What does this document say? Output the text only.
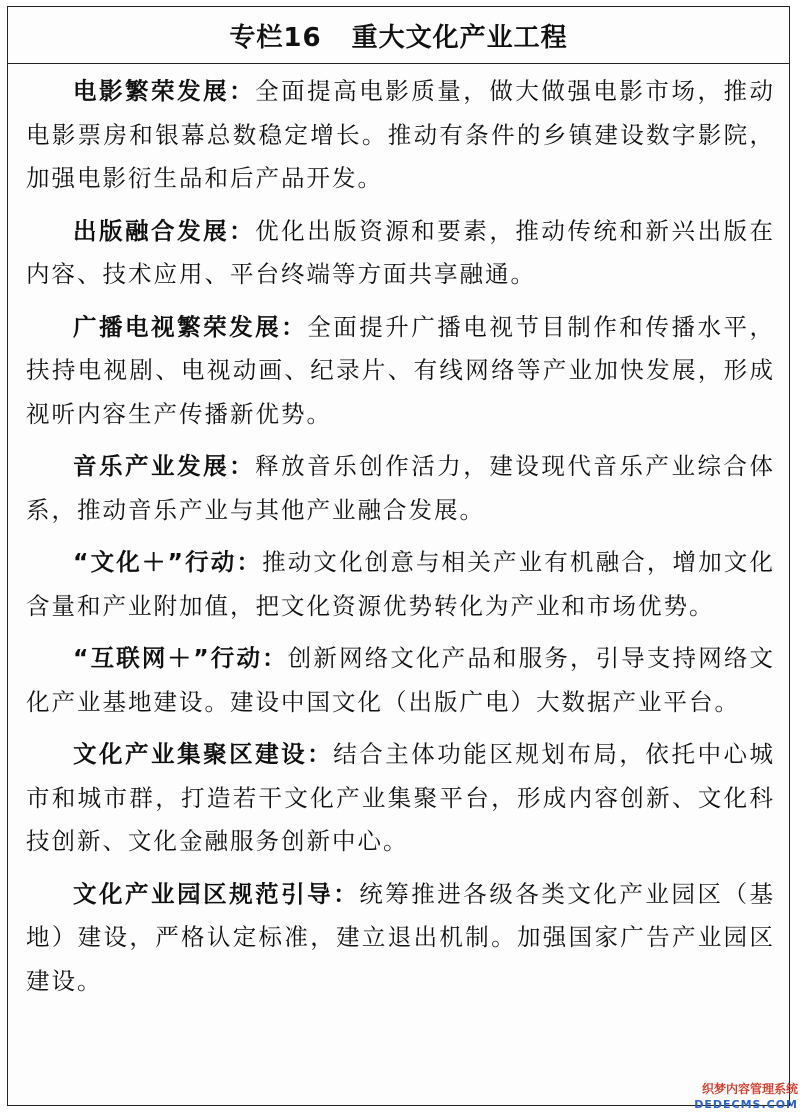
专栏16 重大文化产业工程

电影繁荣发展：全面提高电影质量，做大做强电影市场，推动电影票房和银幕总数稳定增长。推动有条件的乡镇建设数字影院，加强电影衍生品和后产品开发。

出版融合发展：优化出版资源和要素，推动传统和新兴出版在内容、技术应用、平台终端等方面共享融通。

广播电视繁荣发展：全面提升广播电视节目制作和传播水平，扶持电视剧、电视动画、纪录片、有线网络等产业加快发展，形成视听内容生产传播新优势。

音乐产业发展：释放音乐创作活力，建设现代音乐产业综合体系，推动音乐产业与其他产业融合发展。

“文化＋”行动：推动文化创意与相关产业有机融合，增加文化含量和产业附加值，把文化资源优势转化为产业和市场优势。

“互联网＋”行动：创新网络文化产品和服务，引导支持网络文化产业基地建设。建设中国文化（出版广电）大数据产业平台。

文化产业集聚区建设：结合主体功能区规划布局，依托中心城市和城市群，打造若干文化产业集聚平台，形成内容创新、文化科技创新、文化金融服务创新中心。

文化产业园区规范引导：统筹推进各级各类文化产业园区（基地）建设，严格认定标准，建立退出机制。加强国家广告产业园区建设。

织梦内容管理系统
DEDECMS.COM
